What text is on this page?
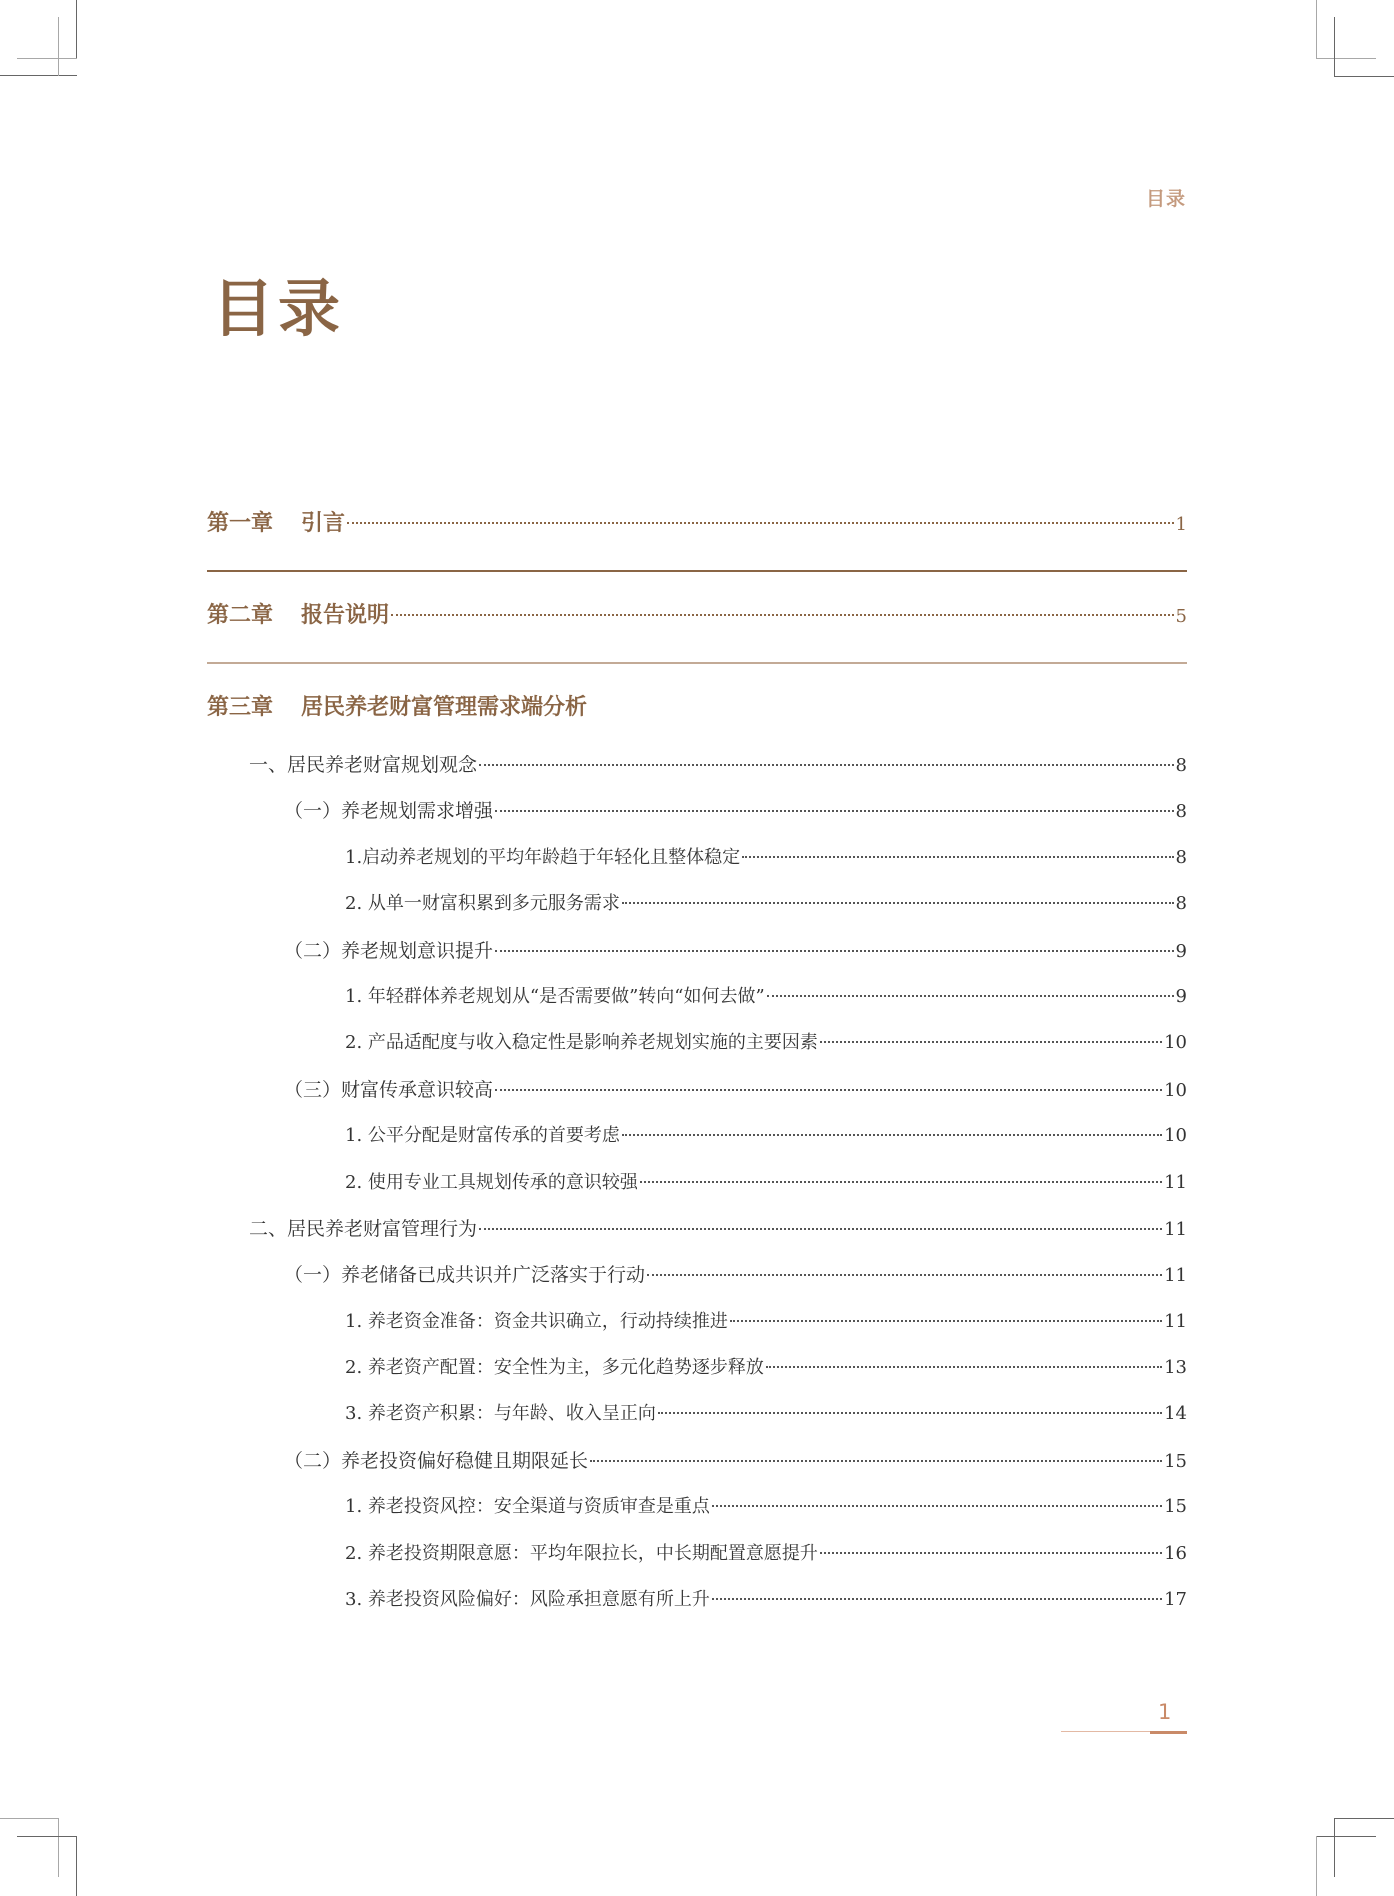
目录
目录
第一章 引言	1
第二章 报告说明	5
第三章 居民养老财富管理需求端分析
一、居民养老财富规划观念	8
（一）养老规划需求增强	8
1.启动养老规划的平均年龄趋于年轻化且整体稳定	8
2. 从单一财富积累到多元服务需求	8
（二）养老规划意识提升	9
1. 年轻群体养老规划从“是否需要做”转向“如何去做”	9
2. 产品适配度与收入稳定性是影响养老规划实施的主要因素	10
（三）财富传承意识较高	10
1. 公平分配是财富传承的首要考虑	10
2. 使用专业工具规划传承的意识较强	11
二、居民养老财富管理行为	11
（一）养老储备已成共识并广泛落实于行动	11
1. 养老资金准备：资金共识确立，行动持续推进	11
2. 养老资产配置：安全性为主，多元化趋势逐步释放	13
3. 养老资产积累：与年龄、收入呈正向	14
（二）养老投资偏好稳健且期限延长	15
1. 养老投资风控：安全渠道与资质审查是重点	15
2. 养老投资期限意愿：平均年限拉长，中长期配置意愿提升	16
3. 养老投资风险偏好：风险承担意愿有所上升	17
1
